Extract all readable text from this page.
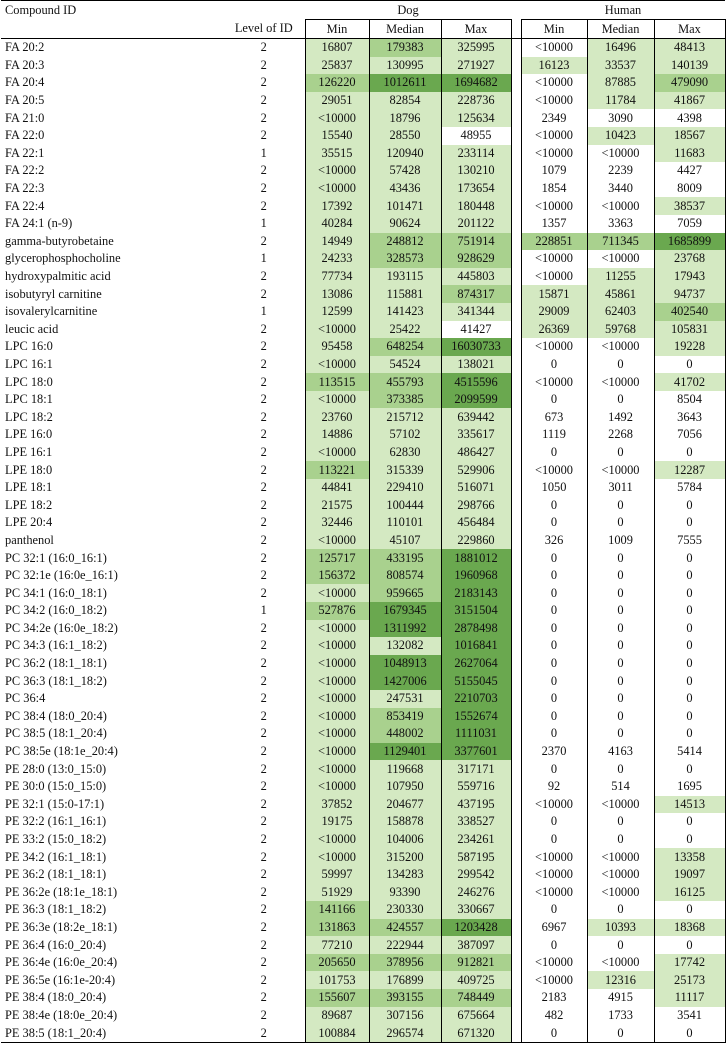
Compound ID		Dog				Human		
	Level of ID	Min	Median	Max		Min	Median	Max
FA 20:2	2	16807	179383	325995		<10000	16496	48413
FA 20:3	2	25837	130995	271927		16123	33537	140139
FA 20:4	2	126220	1012611	1694682		<10000	87885	479090
FA 20:5	2	29051	82854	228736		<10000	11784	41867
FA 21:0	2	<10000	18796	125634		2349	3090	4398
FA 22:0	2	15540	28550	48955		<10000	10423	18567
FA 22:1	1	35515	120940	233114		<10000	<10000	11683
FA 22:2	2	<10000	57428	130210		1079	2239	4427
FA 22:3	2	<10000	43436	173654		1854	3440	8009
FA 22:4	2	17392	101471	180448		<10000	<10000	38537
FA 24:1 (n-9)	1	40284	90624	201122		1357	3363	7059
gamma-butyrobetaine	2	14949	248812	751914		228851	711345	1685899
glycerophosphocholine	1	24233	328573	928629		<10000	<10000	23768
hydroxypalmitic acid	2	77734	193115	445803		<10000	11255	17943
isobutyryl carnitine	2	13086	115881	874317		15871	45861	94737
isovalerylcarnitine	1	12599	141423	341344		29009	62403	402540
leucic acid	2	<10000	25422	41427		26369	59768	105831
LPC 16:0	2	95458	648254	16030733		<10000	<10000	19228
LPC 16:1	2	<10000	54524	138021		0	0	0
LPC 18:0	2	113515	455793	4515596		<10000	<10000	41702
LPC 18:1	2	<10000	373385	2099599		0	0	8504
LPC 18:2	2	23760	215712	639442		673	1492	3643
LPE 16:0	2	14886	57102	335617		1119	2268	7056
LPE 16:1	2	<10000	62830	486427		0	0	0
LPE 18:0	2	113221	315339	529906		<10000	<10000	12287
LPE 18:1	2	44841	229410	516071		1050	3011	5784
LPE 18:2	2	21575	100444	298766		0	0	0
LPE 20:4	2	32446	110101	456484		0	0	0
panthenol	2	<10000	45107	229860		326	1009	7555
PC 32:1 (16:0_16:1)	2	125717	433195	1881012		0	0	0
PC 32:1e (16:0e_16:1)	2	156372	808574	1960968		0	0	0
PC 34:1 (16:0_18:1)	2	<10000	959665	2183143		0	0	0
PC 34:2 (16:0_18:2)	1	527876	1679345	3151504		0	0	0
PC 34:2e (16:0e_18:2)	2	<10000	1311992	2878498		0	0	0
PC 34:3 (16:1_18:2)	2	<10000	132082	1016841		0	0	0
PC 36:2 (18:1_18:1)	2	<10000	1048913	2627064		0	0	0
PC 36:3 (18:1_18:2)	2	<10000	1427006	5155045		0	0	0
PC 36:4	2	<10000	247531	2210703		0	0	0
PC 38:4 (18:0_20:4)	2	<10000	853419	1552674		0	0	0
PC 38:5 (18:1_20:4)	2	<10000	448002	1111031		0	0	0
PC 38:5e (18:1e_20:4)	2	<10000	1129401	3377601		2370	4163	5414
PE 28:0 (13:0_15:0)	2	<10000	119668	317171		0	0	0
PE 30:0 (15:0_15:0)	2	<10000	107950	559716		92	514	1695
PE 32:1 (15:0-17:1)	2	37852	204677	437195		<10000	<10000	14513
PE 32:2 (16:1_16:1)	2	19175	158878	338527		0	0	0
PE 33:2 (15:0_18:2)	2	<10000	104006	234261		0	0	0
PE 34:2 (16:1_18:1)	2	<10000	315200	587195		<10000	<10000	13358
PE 36:2 (18:1_18:1)	2	59997	134283	299542		<10000	<10000	19097
PE 36:2e (18:1e_18:1)	2	51929	93390	246276		<10000	<10000	16125
PE 36:3 (18:1_18:2)	2	141166	230330	330667		0	0	0
PE 36:3e (18:2e_18:1)	2	131863	424557	1203428		6967	10393	18368
PE 36:4 (16:0_20:4)	2	77210	222944	387097		0	0	0
PE 36:4e (16:0e_20:4)	2	205650	378956	912821		<10000	<10000	17742
PE 36:5e (16:1e-20:4)	2	101753	176899	409725		<10000	12316	25173
PE 38:4 (18:0_20:4)	2	155607	393155	748449		2183	4915	11117
PE 38:4e (18:0e_20:4)	2	89687	307156	675664		482	1733	3541
PE 38:5 (18:1_20:4)	2	100884	296574	671320		0	0	0
